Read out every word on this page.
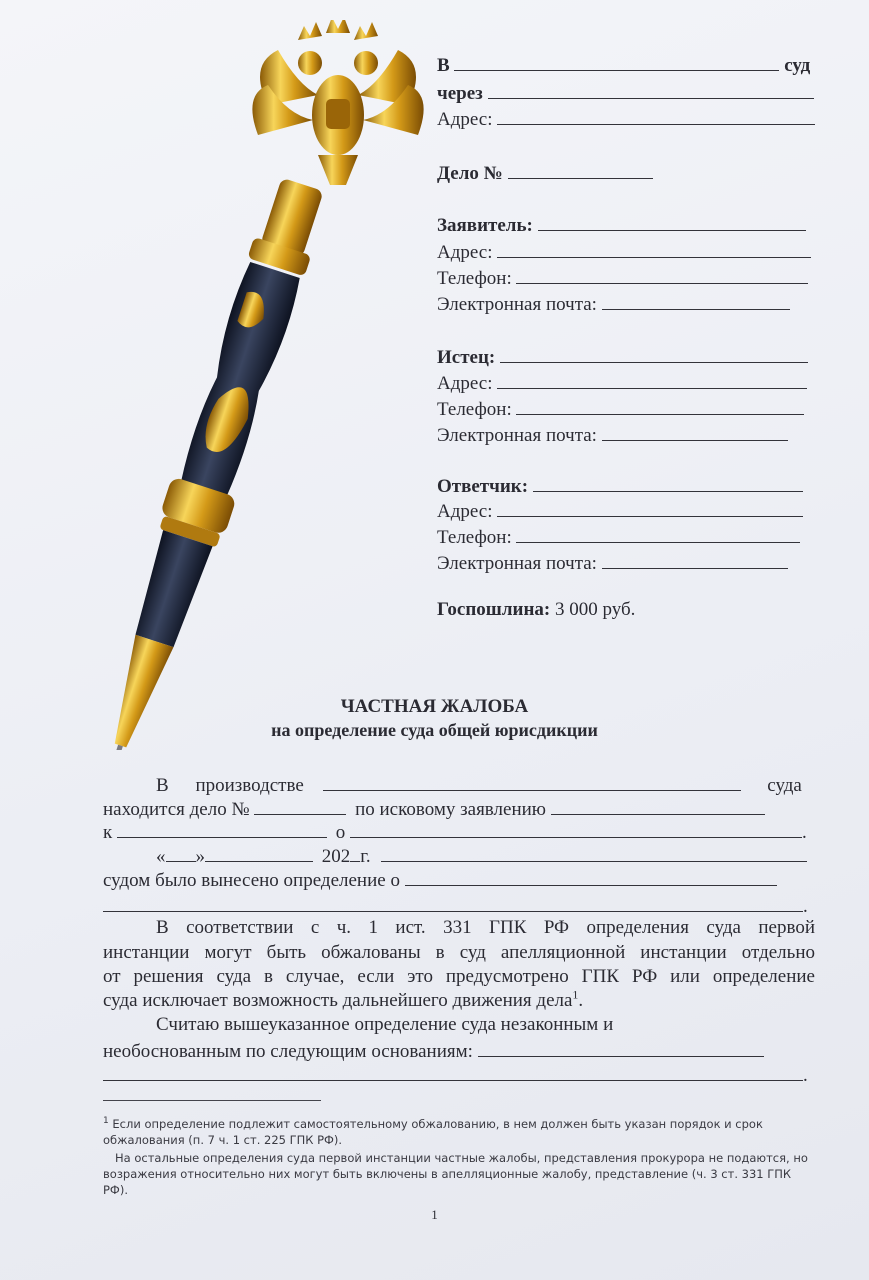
В	суд
через
Адрес:
Дело №
Заявитель:
Адрес:
Телефон:
Электронная почта:
Истец:
Адрес:
Телефон:
Электронная почта:
Ответчик:
Адрес:
Телефон:
Электронная почта:
Госпошлина: 3 000 руб.
ЧАСТНАЯ ЖАЛОБА
на определение суда общей юрисдикции
В производстве	суда
находится дело №	по исковому заявлению
к	о	.
« »	202 г.
судом было вынесено определение о
.
В соответствии с ч. 1 ист. 331 ГПК РФ определения суда первой
инстанции могут быть обжалованы в суд апелляционной инстанции отдельно
от решения суда в случае, если это предусмотрено ГПК РФ или определение
суда исключает возможность дальнейшего движения дела$^1$.
Считаю вышеуказанное определение суда незаконным и
необоснованным по следующим основаниям:
.
$^1$ Если определение подлежит самостоятельному обжалованию, в нем должен быть указан порядок и срок обжалования (п. 7 ч. 1 ст. 225 ГПК РФ).
На остальные определения суда первой инстанции частные жалобы, представления прокурора не подаются, но возражения относительно них могут быть включены в апелляционные жалобу, представление (ч. 3 ст. 331 ГПК РФ).
1
